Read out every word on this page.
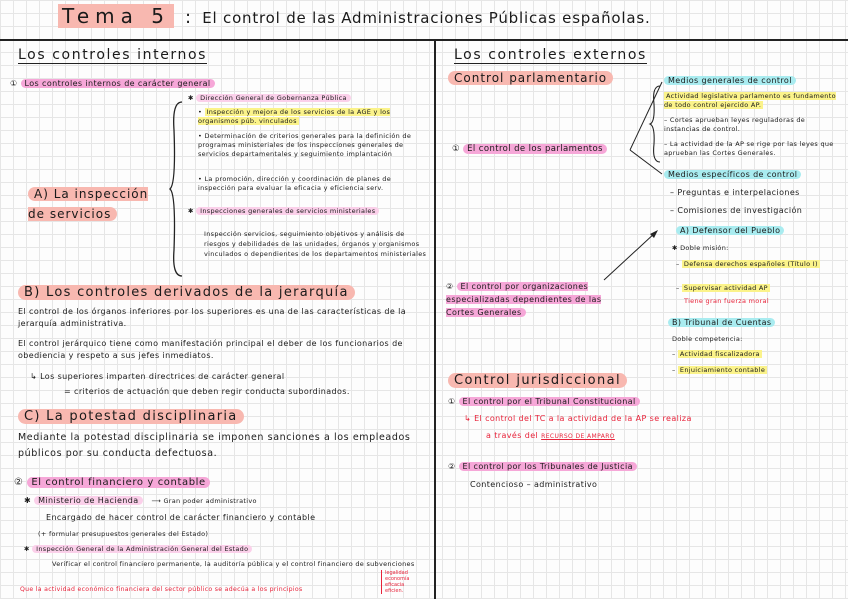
Tema 5 : El control de las Administraciones Públicas españolas.
Los controles internos
① Los controles internos de carácter general
A) La inspección de servicios
✱ Dirección General de Gobernanza Pública
• Inspección y mejora de los servicios de la AGE y los organismos púb. vinculados
• Determinación de criterios generales para la definición de programas ministeriales de los inspecciones generales de servicios departamentales y seguimiento implantación
• La promoción, dirección y coordinación de planes de inspección para evaluar la eficacia y eficiencia serv.
✱ Inspecciones generales de servicios ministeriales
Inspección servicios, seguimiento objetivos y análisis de riesgos y debilidades de las unidades, órganos y organismos vinculados o dependientes de los departamentos ministeriales
B) Los controles derivados de la jerarquía
El control de los órganos inferiores por los superiores es una de las características de la jerarquía administrativa.
El control jerárquico tiene como manifestación principal el deber de los funcionarios de obediencia y respeto a sus jefes inmediatos.
↳ Los superiores imparten directrices de carácter general
= criterios de actuación que deben regir conducta subordinados.
C) La potestad disciplinaria
Mediante la potestad disciplinaria se imponen sanciones a los empleados públicos por su conducta defectuosa.
② El control financiero y contable
✱ Ministerio de Hacienda ⟶ Gran poder administrativo
Encargado de hacer control de carácter financiero y contable
(+ formular presupuestos generales del Estado)
✱ Inspección General de la Administración General del Estado
Verificar el control financiero permanente, la auditoría pública y el control financiero de subvenciones
Que la actividad económico financiera del sector público se adecúa a los principios
legalidad
economía
eficacia
eficien.
Los controles externos
Control parlamentario
① El control de los parlamentos
Medios generales de control
Actividad legislativa parlamento es fundamento de todo control ejercido AP.
– Cortes aprueban leyes reguladoras de instancias de control.
– La actividad de la AP se rige por las leyes que aprueban las Cortes Generales.
Medios específicos de control
– Preguntas e interpelaciones
– Comisiones de investigación
② El control por organizaciones especializadas dependientes de las Cortes Generales
A) Defensor del Pueblo
✱ Doble misión:
– Defensa derechos españoles (Título I)
– Supervisar actividad AP
Tiene gran fuerza moral
B) Tribunal de Cuentas
Doble competencia:
– Actividad fiscalizadora
– Enjuiciamiento contable
Control jurisdiccional
① El control por el Tribunal Constitucional
↳ El control del TC a la actividad de la AP se realiza
a través del RECURSO DE AMPARO
② El control por los Tribunales de Justicia
Contencioso – administrativo
